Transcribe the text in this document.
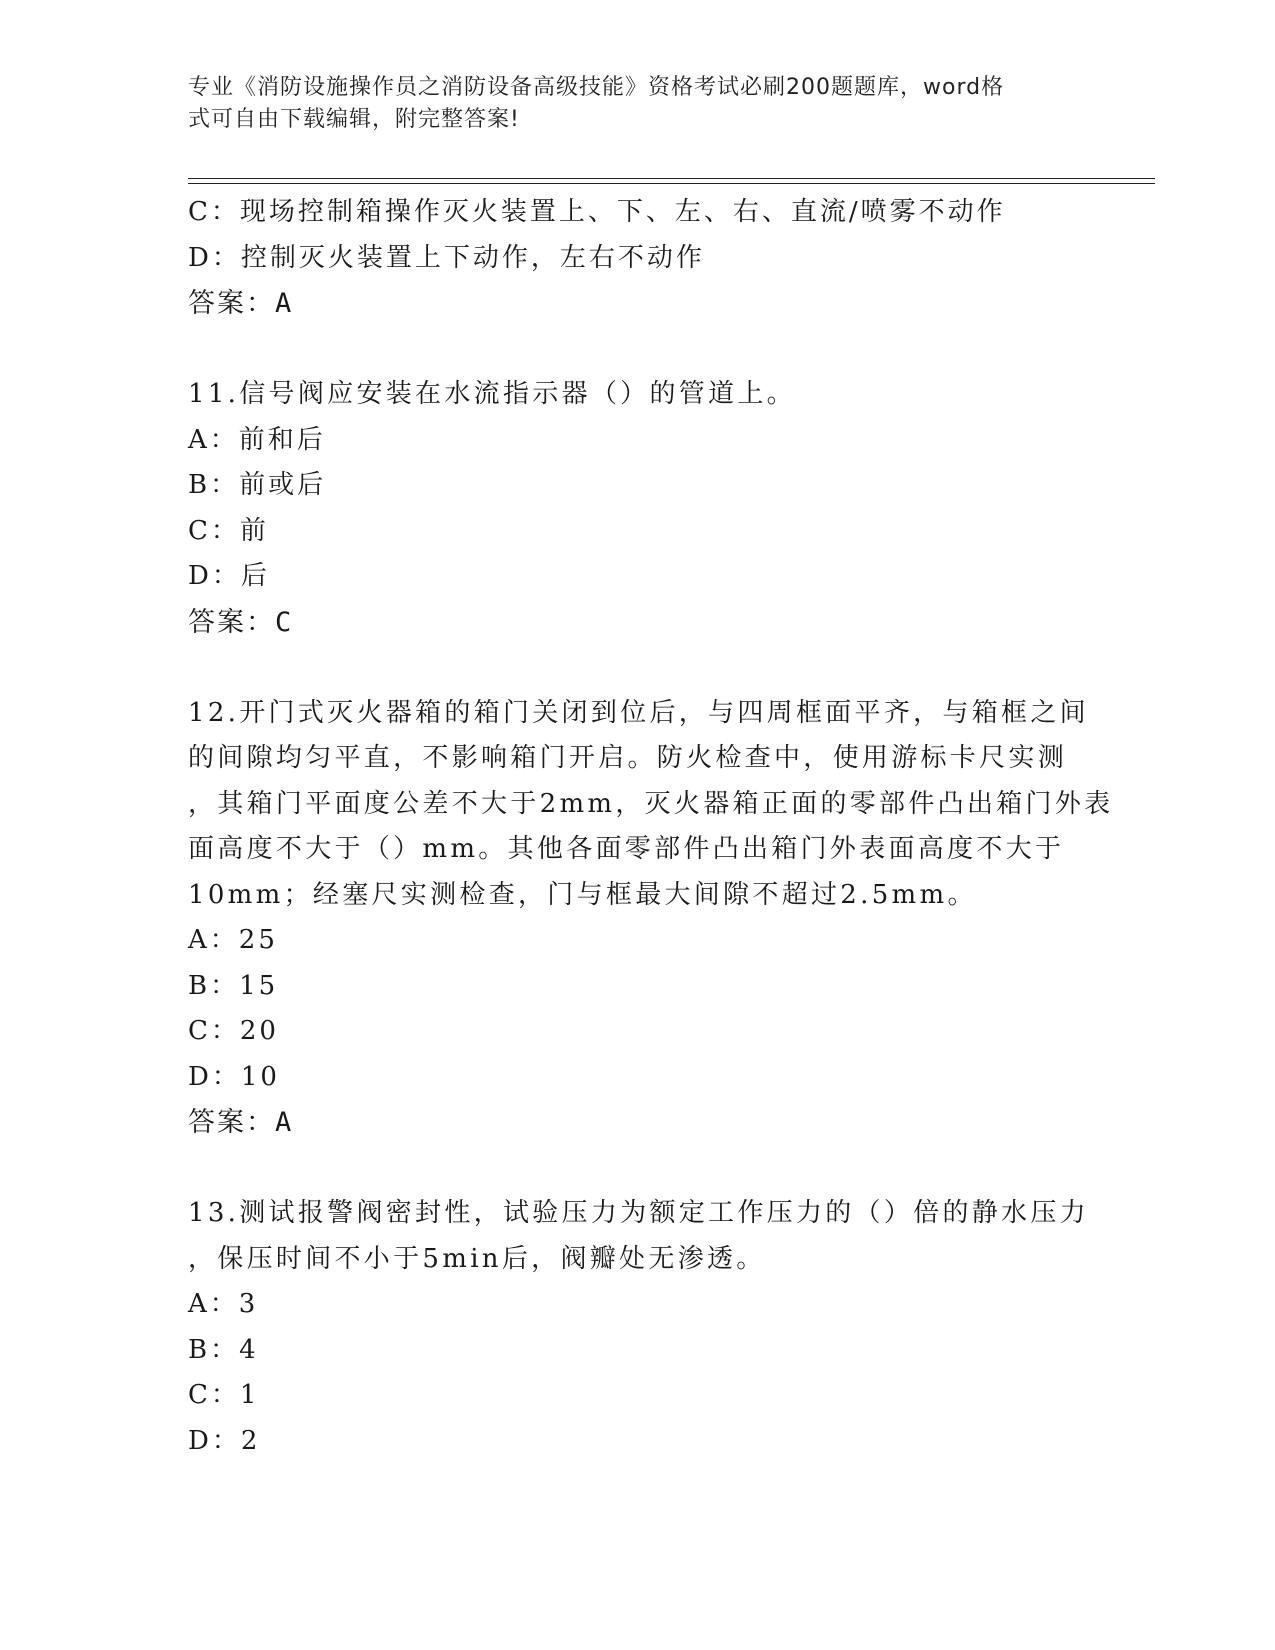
专业《消防设施操作员之消防设备高级技能》资格考试必刷200题题库，word格
式可自由下载编辑，附完整答案!
C：现场控制箱操作灭火装置上、下、左、右、直流/喷雾不动作
D：控制灭火装置上下动作，左右不动作
答案：A
11.信号阀应安装在水流指示器（）的管道上。
A：前和后
B：前或后
C：前
D：后
答案：C
12.开门式灭火器箱的箱门关闭到位后，与四周框面平齐，与箱框之间
的间隙均匀平直，不影响箱门开启。防火检查中，使用游标卡尺实测
，其箱门平面度公差不大于2mm，灭火器箱正面的零部件凸出箱门外表
面高度不大于（）mm。其他各面零部件凸出箱门外表面高度不大于
10mm；经塞尺实测检查，门与框最大间隙不超过2.5mm。
A：25
B：15
C：20
D：10
答案：A
13.测试报警阀密封性，试验压力为额定工作压力的（）倍的静水压力
，保压时间不小于5min后，阀瓣处无渗透。
A：3
B：4
C：1
D：2
